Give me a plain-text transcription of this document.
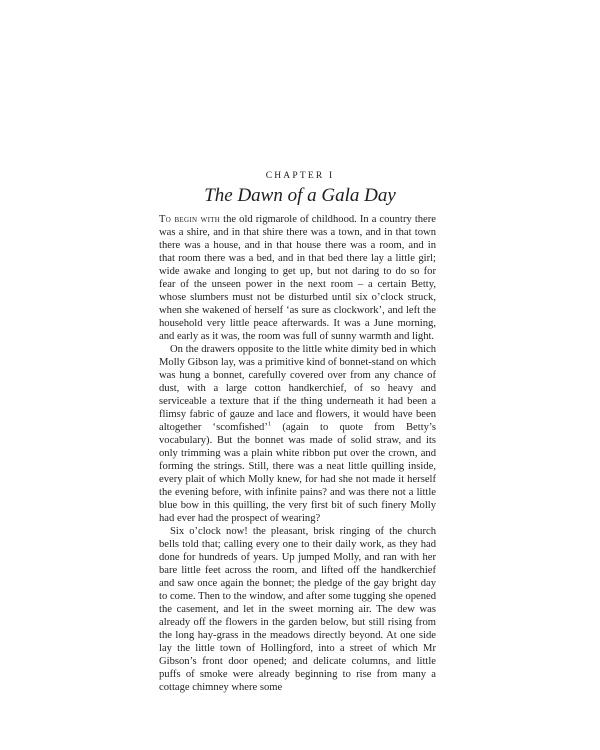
CHAPTER I
The Dawn of a Gala Day

To begin with the old rigmarole of childhood. In a country there was a shire, and in that shire there was a town, and in that town there was a house, and in that house there was a room, and in that room there was a bed, and in that bed there lay a little girl; wide awake and longing to get up, but not daring to do so for fear of the unseen power in the next room – a certain Betty, whose slumbers must not be disturbed until six o’clock struck, when she wakened of herself ‘as sure as clockwork’, and left the household very little peace afterwards. It was a June morning, and early as it was, the room was full of sunny warmth and light.

On the drawers opposite to the little white dimity bed in which Molly Gibson lay, was a primitive kind of bonnet-stand on which was hung a bonnet, carefully covered over from any chance of dust, with a large cotton handkerchief, of so heavy and serviceable a texture that if the thing underneath it had been a flimsy fabric of gauze and lace and flowers, it would have been altogether ‘scomfished’$^1$ (again to quote from Betty’s vocabulary). But the bonnet was made of solid straw, and its only trimming was a plain white ribbon put over the crown, and forming the strings. Still, there was a neat little quilling inside, every plait of which Molly knew, for had she not made it herself the evening before, with infinite pains? and was there not a little blue bow in this quilling, the very first bit of such finery Molly had ever had the prospect of wearing?

Six o’clock now! the pleasant, brisk ringing of the church bells told that; calling every one to their daily work, as they had done for hundreds of years. Up jumped Molly, and ran with her bare little feet across the room, and lifted off the handkerchief and saw once again the bonnet; the pledge of the gay bright day to come. Then to the window, and after some tugging she opened the casement, and let in the sweet morning air. The dew was already off the flowers in the garden below, but still rising from the long hay-grass in the meadows directly beyond. At one side lay the little town of Hollingford, into a street of which Mr Gibson’s front door opened; and delicate columns, and little puffs of smoke were already beginning to rise from many a cottage chimney where some
